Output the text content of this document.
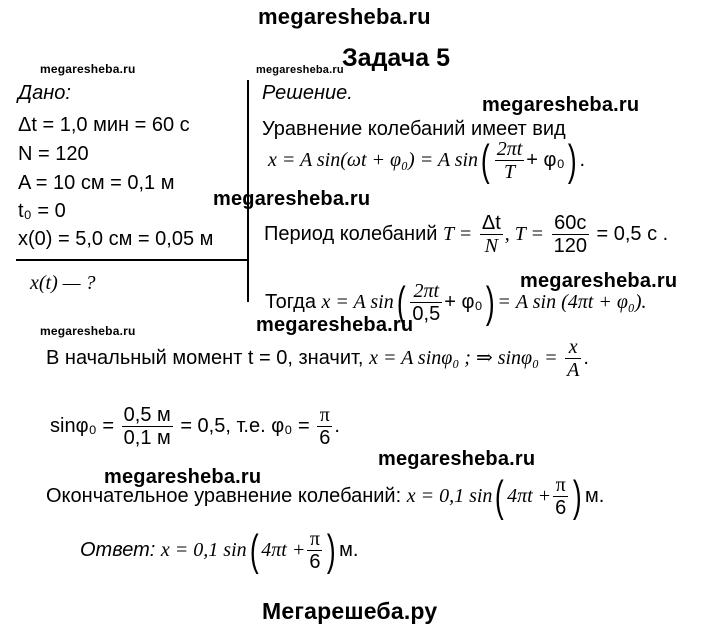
megaresheba.ru
megaresheba.ru	megaresheba.ru
Задача 5
Дано:
Δt = 1,0 мин = 60 с
N = 120
A = 10 см = 0,1 м
t₀ = 0
x(0) = 5,0 см = 0,05 м
x(t) — ?
Решение.
megaresheba.ru
Уравнение колебаний имеет вид
x = A sin(ωt + φ₀) = A $\sin( \frac{2\pi t}{T} + \varphi_0)$ .
megaresheba.ru
Период колебаний $T = \frac{\Delta t}{N}$ , $T = \frac{60c}{120} = 0,5$ с .
megaresheba.ru
Тогда x = A $\sin( \frac{2\pi t}{0,5} + \varphi_0) = A$ sin (4πt + φ₀).
megaresheba.ru	megaresheba.ru
В начальный момент t = 0, значит, x = A sinφ₀ ; ⇒ $\sin\varphi_0 = \frac{x}{A}$ .
$\sin\varphi_0 = \frac{0,5 м}{0,1 м} = 0,5$, т.е. $\varphi_0 = \frac{\pi}{6}$ .
megaresheba.ru
megaresheba.ru
Окончательное уравнение колебаний: x = 0,1 sin( $4\pi t + \frac{\pi}{6}$ ) м.
Ответ: x = 0,1 sin( $4\pi t + \frac{\pi}{6}$ ) м.
Мегарешеба.ру
